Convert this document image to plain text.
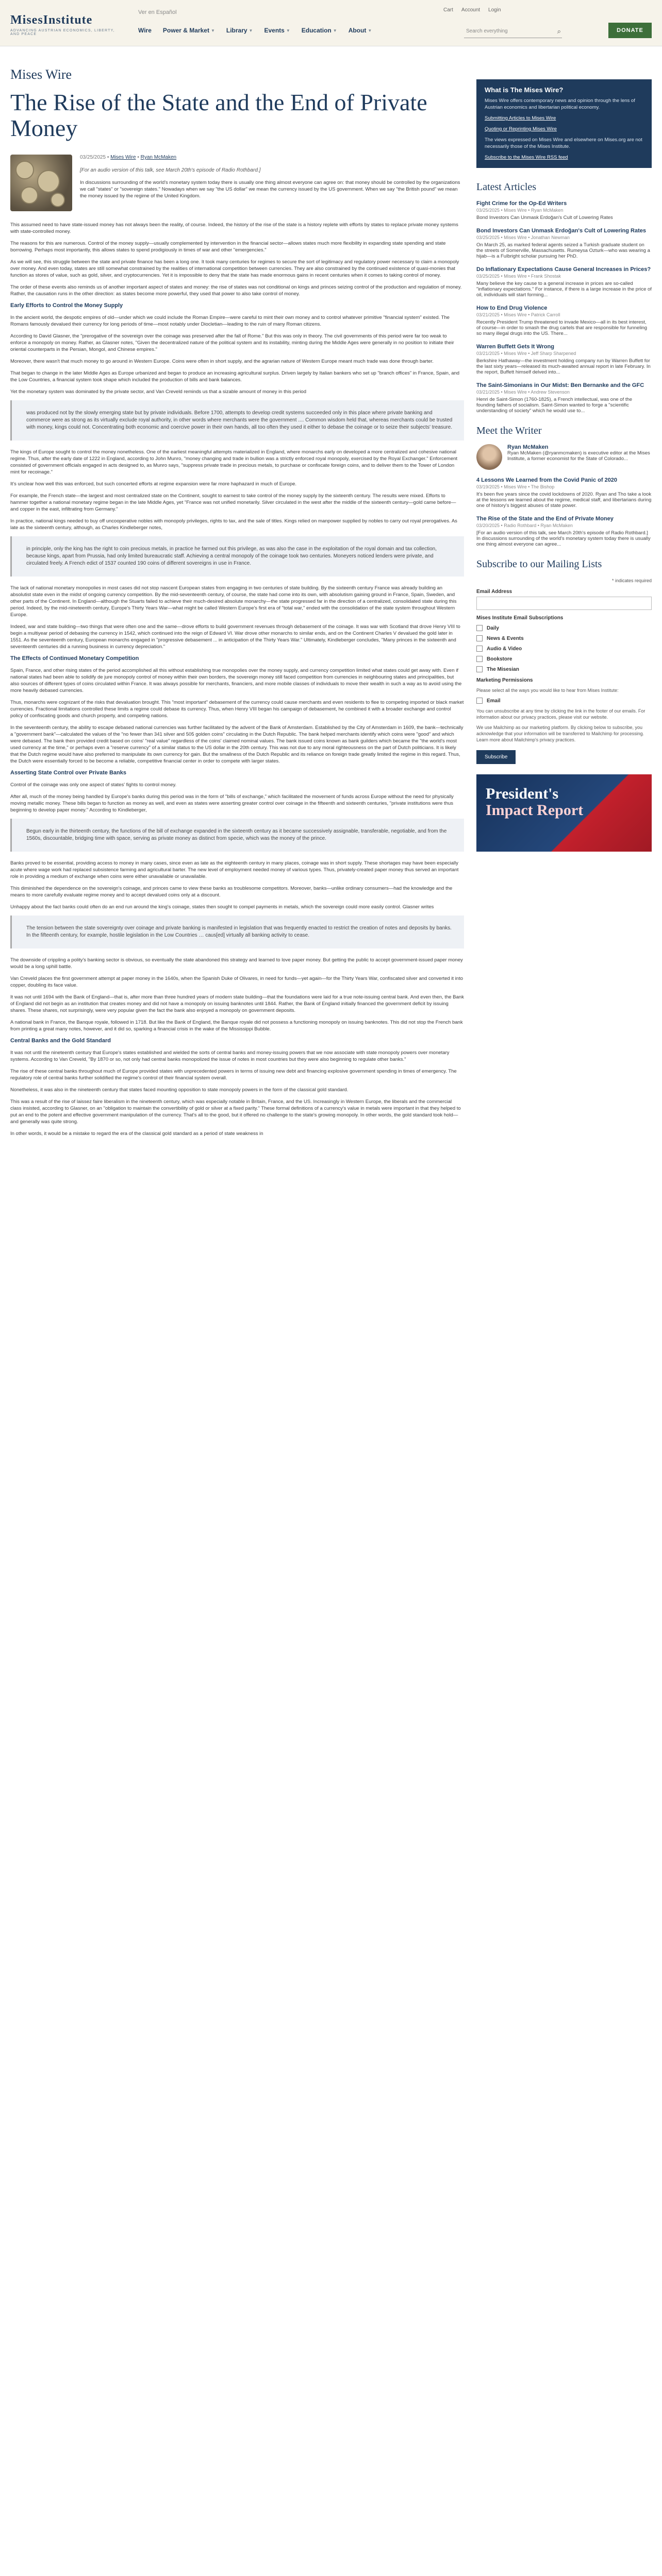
MisesInstitute
ADVANCING AUSTRIAN ECONOMICS, LIBERTY, AND PEACE
Ver en Español
Wire Power & Market ▼ Library ▼ Events ▼ Education ▼ About ▼
Cart Account Login
Search everything	⌕	DONATE
Mises Wire
The Rise of the State and the End of Private Money
03/25/2025 • Mises Wire • Ryan McMaken
[For an audio version of this talk, see March 20th's episode of Radio Rothbard.]

In discussions surrounding of the world's monetary system today there is usually one thing almost everyone can agree on: that money should be controlled by the organizations we call "states" or "sovereign states." Nowadays when we say "the US dollar" we mean the currency issued by the US government. When we say "the British pound" we mean the money issued by the regime of the United Kingdom.

This assumed need to have state-issued money has not always been the reality, of course. Indeed, the history of the rise of the state is a history replete with efforts by states to replace private money systems with state-controlled money.

The reasons for this are numerous. Control of the money supply—usually complemented by intervention in the financial sector—allows states much more flexibility in expanding state spending and state borrowing. Perhaps most importantly, this allows states to spend prodigiously in times of war and other "emergencies."

As we will see, this struggle between the state and private finance has been a long one. It took many centuries for regimes to secure the sort of legitimacy and regulatory power necessary to claim a monopoly over money. And even today, states are still somewhat constrained by the realities of international competition between currencies. They are also constrained by the continued existence of quasi-monies that function as stores of value, such as gold, silver, and cryptocurrencies. Yet it is impossible to deny that the state has made enormous gains in recent centuries when it comes to taking control of money.

The order of these events also reminds us of another important aspect of states and money: the rise of states was not conditional on kings and princes seizing control of the production and regulation of money. Rather, the causation runs in the other direction: as states become more powerful, they used that power to also take control of money.

Early Efforts to Control the Money Supply

In the ancient world, the despotic empires of old—under which we could include the Roman Empire—were careful to mint their own money and to control whatever primitive "financial system" existed. The Romans famously devalued their currency for long periods of time—most notably under Diocletian—leading to the ruin of many Roman citizens.

According to David Glasner, the "prerogative of the sovereign over the coinage was preserved after the fall of Rome." But this was only in theory. The civil governments of this period were far too weak to enforce a monopoly on money. Rather, as Glasner notes, "Given the decentralized nature of the political system and its instability, minting during the Middle Ages were generally in no position to initiate their oriental counterparts in the Persian, Mongol, and Chinese empires."

Moreover, there wasn't that much money to go around in Western Europe. Coins were often in short supply, and the agrarian nature of Western Europe meant much trade was done through barter.

That began to change in the later Middle Ages as Europe urbanized and began to produce an increasing agricultural surplus. Driven largely by Italian bankers who set up "branch offices" in France, Spain, and the Low Countries, a financial system took shape which included the production of bills and bank balances.

Yet the monetary system was dominated by the private sector, and Van Creveld reminds us that a sizable amount of money in this period

was produced not by the slowly emerging state but by private individuals. Before 1700, attempts to develop credit systems succeeded only in this place where private banking and commerce were as strong as its virtually exclude royal authority, in other words where merchants were the government .... Common wisdom held that, whereas merchants could be trusted with money, kings could not. Concentrating both economic and coercive power in their own hands, all too often they used it either to debase the coinage or to seize their subjects' treasure.

The kings of Europe sought to control the money nonetheless. One of the earliest meaningful attempts materialized in England, where monarchs early on developed a more centralized and cohesive national regime. Thus, after the early date of 1222 in England, according to John Munro, "money changing and trade in bullion was a strictly enforced royal monopoly, exercised by the Royal Exchanger." Enforcement consisted of government officials engaged in acts designed to, as Munro says, "suppress private trade in precious metals, to purchase or confiscate foreign coins, and to deliver them to the Tower of London mint for recoinage."

It's unclear how well this was enforced, but such concerted efforts at regime expansion were far more haphazard in much of Europe.

For example, the French state—the largest and most centralized state on the Continent, sought to earnest to take control of the money supply by the sixteenth century. The results were mixed. Efforts to hammer together a national monetary regime began in the late Middle Ages, yet "France was not unified monetarily. Silver circulated in the west after the middle of the sixteenth century—gold came before—and copper in the east, infiltrating from Germany."

In practice, national kings needed to buy off uncooperative nobles with monopoly privileges, rights to tax, and the sale of titles. Kings relied on manpower supplied by nobles to carry out royal prerogatives. As late as the sixteenth century, although, as Charles Kindleberger notes,

in principle, only the king has the right to coin precious metals, in practice he farmed out this privilege, as was also the case in the exploitation of the royal domain and tax collection, because kings, apart from Prussia, had only limited bureaucratic staff. Achieving a central monopoly of the coinage took two centuries. Moneyers noticed lenders were private, and circulated freely. A French edict of 1537 counted 190 coins of different sovereigns in use in France.

The lack of national monetary monopolies in most cases did not stop nascent European states from engaging in two centuries of state building. By the sixteenth century France was already building an absolutist state even in the midst of ongoing currency competition. By the mid-seventeenth century, of course, the state had come into its own, with absolutism gaining ground in France, Spain, Sweden, and other parts of the Continent. In England—although the Stuarts failed to achieve their much-desired absolute monarchy—the state progressed far in the direction of a centralized, consolidated state during this period. Indeed, by the mid-nineteenth century, Europe's Thirty Years War—what might be called Western Europe's first era of "total war," ended with the consolidation of the state system throughout Western Europe.

Indeed, war and state building—two things that were often one and the same—drove efforts to build government revenues through debasement of the coinage. It was war with Scotland that drove Henry VIII to begin a multiyear period of debasing the currency in 1542, which continued into the reign of Edward VI. War drove other monarchs to similar ends, and on the Continent Charles V devalued the gold later in 1551. As the seventeenth century, European monarchs engaged in "progressive debasement ... in anticipation of the Thirty Years War." Ultimately, Kindleberger concludes, "Many princes in the sixteenth and seventeenth centuries did a running business in currency depreciation."

The Effects of Continued Monetary Competition

Spain, France, and other rising states of the period accomplished all this without establishing true monopolies over the money supply, and currency competition limited what states could get away with. Even if national states had been able to solidify de jure monopoly control of money within their own borders, the sovereign money still faced competition from currencies in neighbouring states and principalities, but also sources of different types of coins circulated within France. It was always possible for merchants, financiers, and more mobile classes of individuals to move their wealth in such a way as to avoid using the more heavily debased currencies.

Thus, monarchs were cognizant of the risks that devaluation brought. This "most important" debasement of the currency could cause merchants and even residents to flee to competing imported or black market currencies. Fractional limitations controlled these limits a regime could debase its currency. Thus, when Henry VIII began his campaign of debasement, he combined it with a broader exchange and control policy of confiscating goods and church property, and competing nations.

In the seventeenth century, the ability to escape debased national currencies was further facilitated by the advent of the Bank of Amsterdam. Established by the City of Amsterdam in 1609, the bank—technically a "government bank"—calculated the values of the "no fewer than 341 silver and 505 golden coins" circulating in the Dutch Republic. The bank helped merchants identify which coins were "good" and which were debased. The bank then provided credit based on coins' "real value" regardless of the coins' claimed nominal values. The bank issued coins known as bank guilders which became the "the world's most used currency at the time," or perhaps even a "reserve currency" of a similar status to the US dollar in the 20th century. This was not due to any moral righteousness on the part of Dutch politicians. It is likely that the Dutch regime would have also preferred to manipulate its own currency for gain. But the smallness of the Dutch Republic and its reliance on foreign trade greatly limited the regime in this regard. Thus, the Dutch were essentially forced to be become a reliable, competitive financial center in order to compete with larger states.

Asserting State Control over Private Banks

Control of the coinage was only one aspect of states' fights to control money.

After all, much of the money being handled by Europe's banks during this period was in the form of "bills of exchange," which facilitated the movement of funds across Europe without the need for physically moving metallic money. These bills began to function as money as well, and even as states were asserting greater control over coinage in the fifteenth and sixteenth centuries, "private institutions were thus beginning to develop paper money." According to Kindleberger,

Begun early in the thirteenth century, the functions of the bill of exchange expanded in the sixteenth century as it became successively assignable, transferable, negotiable, and from the 1560s, discountable, bridging time with space, serving as private money as distinct from specie, which was the money of the prince.

Banks proved to be essential, providing access to money in many cases, since even as late as the eighteenth century in many places, coinage was in short supply. These shortages may have been especially acute where wage work had replaced subsistence farming and agricultural barter. The new level of employment needed money of various types. Thus, privately-created paper money thus served an important role in providing a medium of exchange when coins were either unavailable or unavailable.

This diminished the dependence on the sovereign's coinage, and princes came to view these banks as troublesome competitors. Moreover, banks—unlike ordinary consumers—had the knowledge and the means to more carefully evaluate regime money and to accept devalued coins only at a discount.

Unhappy about the fact banks could often do an end run around the king's coinage, states then sought to compel payments in metals, which the sovereign could more easily control. Glasner writes

The tension between the state sovereignty over coinage and private banking is manifested in legislation that was frequently enacted to restrict the creation of notes and deposits by banks. In the fifteenth century, for example, hostile legislation in the Low Countries … caus[ed] virtually all banking activity to cease.

The downside of crippling a polity's banking sector is obvious, so eventually the state abandoned this strategy and learned to love paper money. But getting the public to accept government-issued paper money would be a long uphill battle.

Van Creveld places the first government attempt at paper money in the 1640s, when the Spanish Duke of Olivares, in need for funds—yet again—for the Thirty Years War, confiscated silver and converted it into copper, doubling its face value.

It was not until 1694 with the Bank of England—that is, after more than three hundred years of modern state building—that the foundations were laid for a true note-issuing central bank. And even then, the Bank of England did not begin as an institution that creates money and did not have a monopoly on issuing banknotes until 1844. Rather, the Bank of England initially financed the government deficit by issuing shares. These shares, not surprisingly, were very popular given the fact the bank also enjoyed a monopoly on government deposits.

A national bank in France, the Banque royale, followed in 1718. But like the Bank of England, the Banque royale did not possess a functioning monopoly on issuing banknotes. This did not stop the French bank from printing a great many notes, however, and it did so, sparking a financial crisis in the wake of the Mississippi Bubble.

Central Banks and the Gold Standard

It was not until the nineteenth century that Europe's states established and wielded the sorts of central banks and money-issuing powers that we now associate with state monopoly powers over monetary systems. According to Van Creveld, "By 1870 or so, not only had central banks monopolized the issue of notes in most countries but they were also beginning to regulate other banks."

The rise of these central banks throughout much of Europe provided states with unprecedented powers in terms of issuing new debt and financing explosive government spending in times of emergency. The regulatory role of central banks further solidified the regime's control of their financial system overall.

Nonetheless, it was also in the nineteenth century that states faced mounting opposition to state monopoly powers in the form of the classical gold standard.

This was a result of the rise of laissez faire liberalism in the nineteenth century, which was especially notable in Britain, France, and the US. Increasingly in Western Europe, the liberals and the commercial class insisted, according to Glasner, on an "obligation to maintain the convertibility of gold or silver at a fixed parity." These formal definitions of a currency's value in metals were important in that they helped to put an end to the potent and effective government manipulation of the currency. That's all to the good, but it offered no challenge to the state's growing monopoly. In other words, the gold standard took hold—and generally was quite strong.

In other words, it would be a mistake to regard the era of the classical gold standard as a period of state weakness in

What is The Mises Wire?
Mises Wire offers contemporary news and opinion through the lens of Austrian economics and libertarian political economy.
Submitting Articles to Mises Wire
Quoting or Reprinting Mises Wire

The views expressed on Mises Wire and elsewhere on Mises.org are not necessarily those of the Mises Institute.

Subscribe to the Mises Wire RSS feed
Latest Articles
Fight Crime for the Op-Ed Writers
03/25/2025 • Mises Wire • Ryan McMaken
Bond Investors Can Unmask Erdoğan's Cult of Lowering Rates
Bond Investors Can Unmask Erdoğan's Cult of Lowering Rates
03/25/2025 • Mises Wire • Jonathan Newman
On March 25, as marked federal agents seized a Turkish graduate student on the streets of Somerville, Massachusetts. Rumeysa Ozturk—who was wearing a hijab—is a Fulbright scholar pursuing her PhD.
Do Inflationary Expectations Cause General Increases in Prices?
03/25/2025 • Mises Wire • Frank Shostak
Many believe the key cause to a general increase in prices are so-called "inflationary expectations." For instance, if there is a large increase in the price of oil, individuals will start forming...
How to End Drug Violence
03/21/2025 • Mises Wire • Patrick Carroll
Recently President Trump threatened to invade Mexico—all in its best interest, of course—in order to smash the drug cartels that are responsible for funneling so many illegal drugs into the US. There...
Warren Buffett Gets It Wrong
03/21/2025 • Mises Wire • Jeff Sharp Sharpened
Berkshire Hathaway—the investment holding company run by Warren Buffett for the last sixty years—released its much-awaited annual report in late February. In the report, Buffett himself delved into...
The Saint-Simonians in Our Midst: Ben Bernanke and the GFC
03/21/2025 • Mises Wire • Andrew Stevenson
Henri de Saint-Simon (1760-1825), a French intellectual, was one of the founding fathers of socialism. Saint-Simon wanted to forge a "scientific understanding of society" which he would use to...
Meet the Writer
Ryan McMaken
Ryan McMaken (@ryanmcmaken) is executive editor at the Mises Institute, a former economist for the State of Colorado...
4 Lessons We Learned from the Covid Panic of 2020
03/19/2025 • Mises Wire • The Bishop
It's been five years since the covid lockdowns of 2020. Ryan and Tho take a look at the lessons we learned about the regime, medical staff, and libertarians during one of history's biggest abuses of state power.
The Rise of the State and the End of Private Money
03/20/2025 • Radio Rothbard • Ryan McMaken
[For an audio version of this talk, see March 20th's episode of Radio Rothbard.] In discussions surrounding of the world's monetary system today there is usually one thing almost everyone can agree...
Subscribe to our Mailing Lists
* indicates required
Email Address
Mises Institute Email Subscriptions
Daily
News & Events
Audio & Video
Bookstore
The Misesian
Marketing Permissions
Please select all the ways you would like to hear from Mises Institute:
Email
You can unsubscribe at any time by clicking the link in the footer of our emails. For information about our privacy practices, please visit our website.
We use Mailchimp as our marketing platform. By clicking below to subscribe, you acknowledge that your information will be transferred to Mailchimp for processing. Learn more about Mailchimp's privacy practices.
Subscribe
President's
Impact Report
